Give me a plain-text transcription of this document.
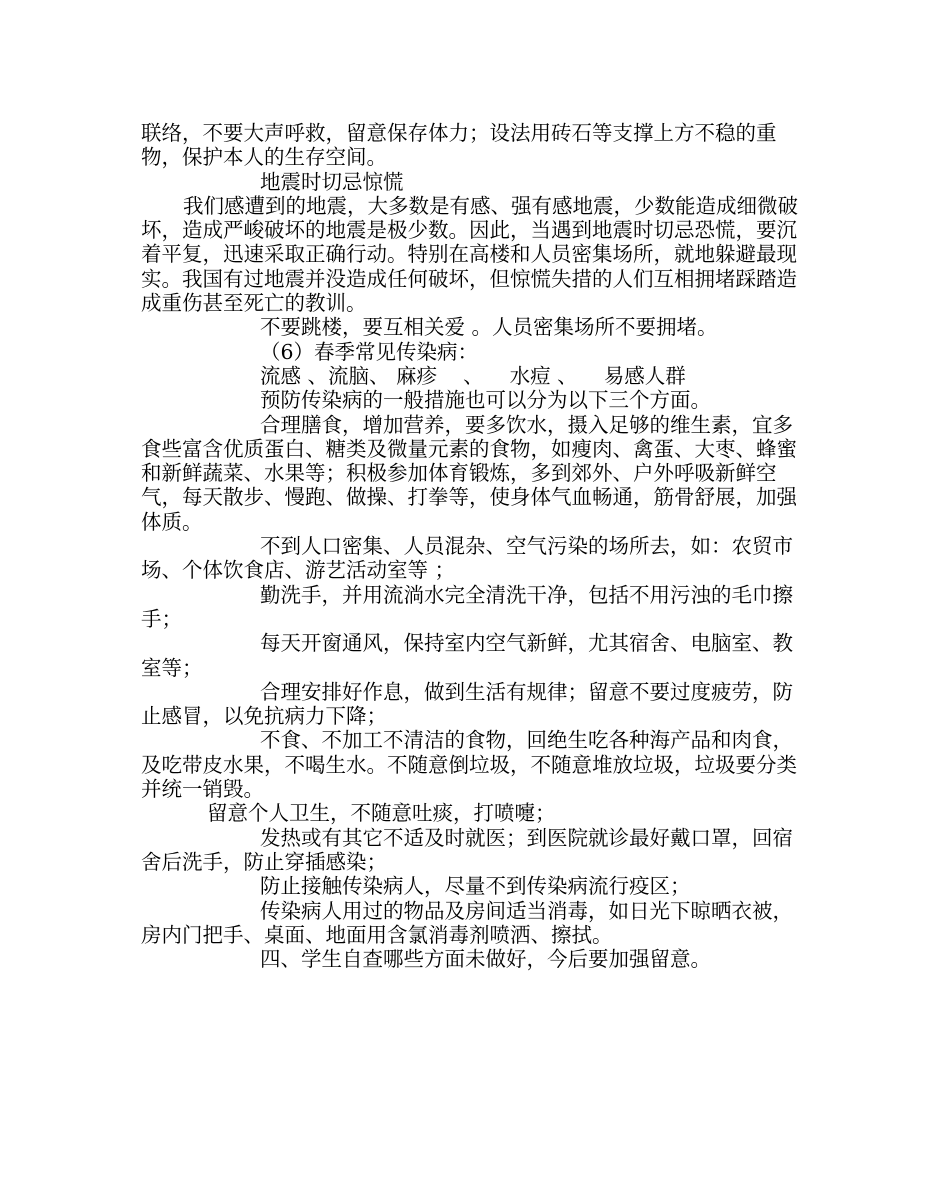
联络，不要大声呼救，留意保存体力；设法用砖石等支撑上方不稳的重物，保护本人的生存空间。

地震时切忌惊慌

我们感遭到的地震，大多数是有感、强有感地震，少数能造成细微破坏，造成严峻破坏的地震是极少数。因此，当遇到地震时切忌恐慌，要沉着平复，迅速采取正确行动。特别在高楼和人员密集场所，就地躲避最现实。我国有过地震并没造成任何破坏，但惊慌失措的人们互相拥堵踩踏造成重伤甚至死亡的教训。

不要跳楼，要互相关爱 。人员密集场所不要拥堵。

（6）春季常见传染病：

流感 、流脑、 麻疹    、    水痘 、    易感人群

预防传染病的一般措施也可以分为以下三个方面。

合理膳食，增加营养，要多饮水，摄入足够的维生素，宜多食些富含优质蛋白、糖类及微量元素的食物，如瘦肉、禽蛋、大枣、蜂蜜和新鲜蔬菜、水果等；积极参加体育锻炼，多到郊外、户外呼吸新鲜空气，每天散步、慢跑、做操、打拳等，使身体气血畅通，筋骨舒展，加强体质。

不到人口密集、人员混杂、空气污染的场所去，如：农贸市场、个体饮食店、游艺活动室等 ；

勤洗手，并用流淌水完全清洗干净，包括不用污浊的毛巾擦手；

每天开窗通风，保持室内空气新鲜，尤其宿舍、电脑室、教室等；

合理安排好作息，做到生活有规律；留意不要过度疲劳，防止感冒，以免抗病力下降；

不食、不加工不清洁的食物，回绝生吃各种海产品和肉食，及吃带皮水果，不喝生水。不随意倒垃圾，不随意堆放垃圾，垃圾要分类并统一销毁。

留意个人卫生，不随意吐痰，打喷嚏；

发热或有其它不适及时就医；到医院就诊最好戴口罩，回宿舍后洗手，防止穿插感染；

防止接触传染病人，尽量不到传染病流行疫区；

传染病人用过的物品及房间适当消毒，如日光下晾晒衣被，房内门把手、桌面、地面用含氯消毒剂喷洒、擦拭。

四、学生自查哪些方面未做好，今后要加强留意。
